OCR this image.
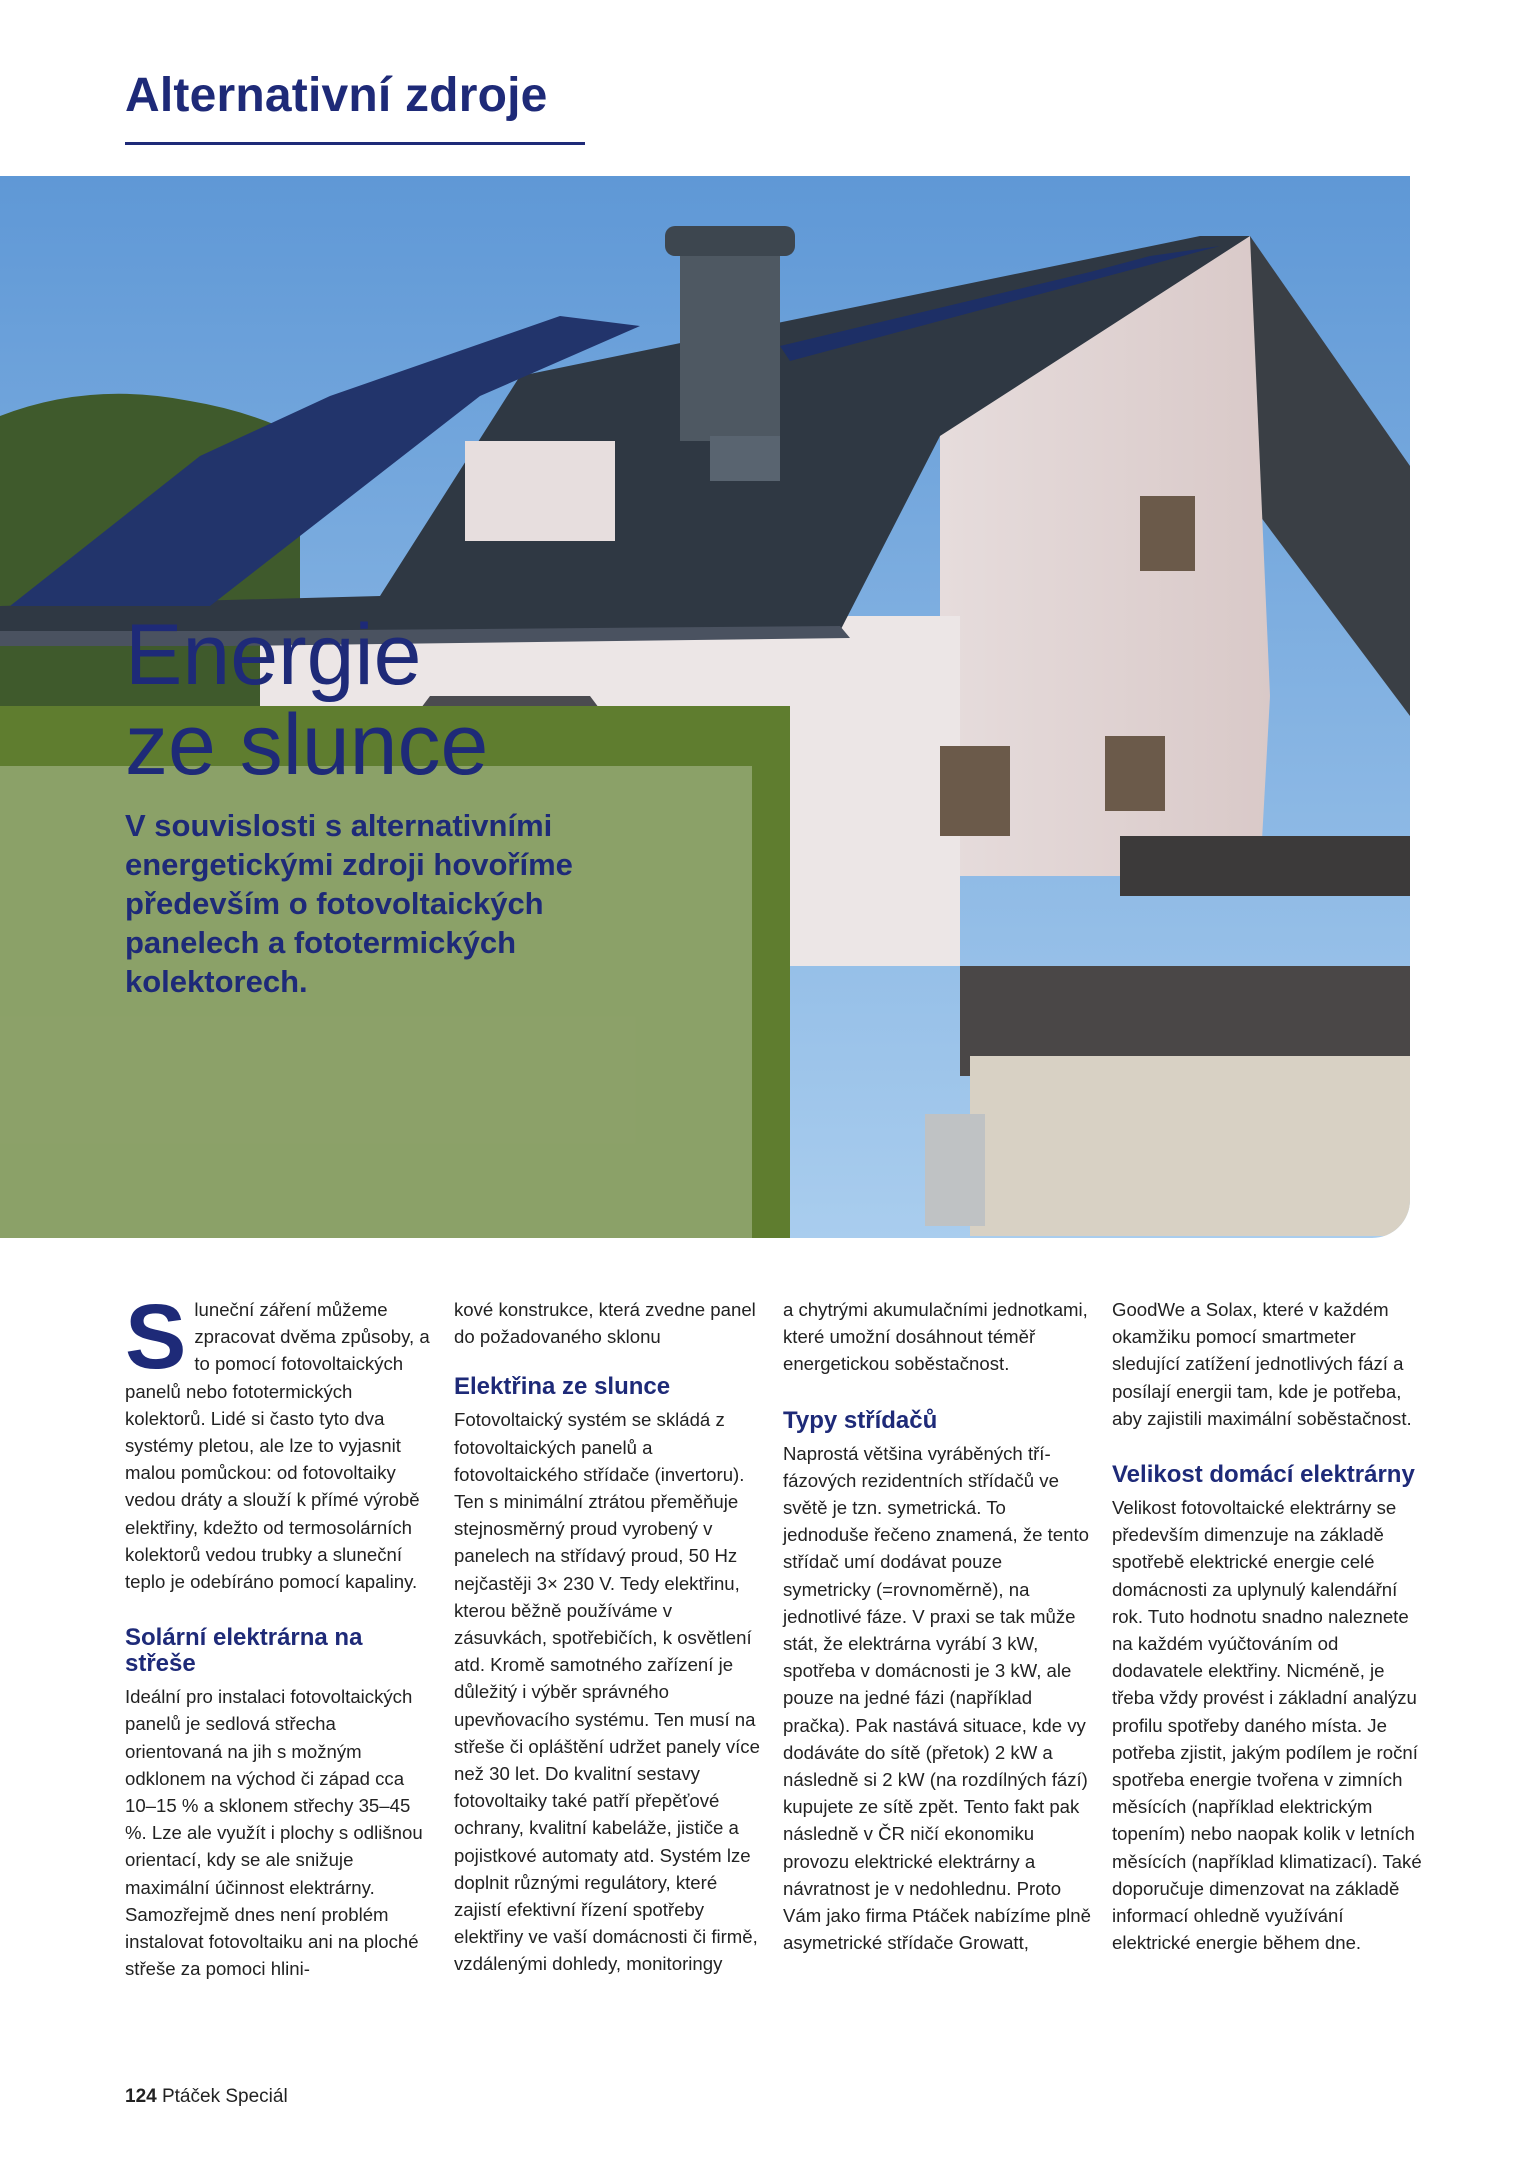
Alternativní zdroje
Energie
ze slunce

V souvislosti s alternativními energetickými zdroji hovoříme především o fotovoltaických panelech a fototermických kolektorech.

Sluneční záření můžeme zpracovat dvěma způsoby, a to pomocí fotovoltaických panelů nebo fototermických kolektorů. Lidé si často tyto dva systémy pletou, ale lze to vyjasnit malou pomůckou: od fotovoltaiky vedou dráty a slouží k přímé výrobě elektřiny, kdežto od termosolárních kolektorů vedou trubky a sluneční teplo je odebíráno pomocí kapaliny.

Solární elektrárna na střeše

Ideální pro instalaci fotovoltaických panelů je sedlová střecha orientovaná na jih s možným odklonem na východ či západ cca 10–15 % a sklonem střechy 35–45 %. Lze ale využít i plochy s odlišnou orientací, kdy se ale snižuje maximální účinnost elektrárny. Samozřejmě dnes není problém instalovat fotovoltaiku ani na ploché střeše za pomoci hlini-

kové konstrukce, která zvedne panel do požadovaného sklonu

Elektřina ze slunce

Fotovoltaický systém se skládá z fotovoltaických panelů a fotovoltaického střídače (invertoru). Ten s minimální ztrátou přeměňuje stejnosměrný proud vyrobený v panelech na střídavý proud, 50 Hz nejčastěji 3× 230 V. Tedy elektřinu, kterou běžně používáme v zásuvkách, spotřebičích, k osvětlení atd. Kromě samotného zařízení je důležitý i výběr správného upevňovacího systému. Ten musí na střeše či opláštění udržet panely více než 30 let. Do kvalitní sestavy fotovoltaiky také patří přepěťové ochrany, kvalitní kabeláže, jističe a pojistkové automaty atd. Systém lze doplnit různými regulátory, které zajistí efektivní řízení spotřeby elektřiny ve vaší domácnosti či firmě, vzdálenými dohledy, monitoringy

a chytrými akumulačními jednotkami, které umožní dosáhnout téměř energetickou soběstačnost.

Typy střídačů

Naprostá většina vyráběných tří-fázových rezidentních střídačů ve světě je tzn. symetrická. To jednoduše řečeno znamená, že tento střídač umí dodávat pouze symetricky (=rovnoměrně), na jednotlivé fáze. V praxi se tak může stát, že elektrárna vyrábí 3 kW, spotřeba v domácnosti je 3 kW, ale pouze na jedné fázi (například pračka). Pak nastává situace, kde vy dodáváte do sítě (přetok) 2 kW a následně si 2 kW (na rozdílných fází) kupujete ze sítě zpět. Tento fakt pak následně v ČR ničí ekonomiku provozu elektrické elektrárny a návratnost je v nedohlednu. Proto Vám jako firma Ptáček nabízíme plně asymetrické střídače Growatt,

GoodWe a Solax, které v každém okamžiku pomocí smartmeter sledující zatížení jednotlivých fází a posílají energii tam, kde je potřeba, aby zajistili maximální soběstačnost.

Velikost domácí elektrárny

Velikost fotovoltaické elektrárny se především dimenzuje na základě spotřebě elektrické energie celé domácnosti za uplynulý kalendářní rok. Tuto hodnotu snadno naleznete na každém vyúčtováním od dodavatele elektřiny. Nicméně, je třeba vždy provést i základní analýzu profilu spotřeby daného místa. Je potřeba zjistit, jakým podílem je roční spotřeba energie tvořena v zimních měsících (například elektrickým topením) nebo naopak kolik v letních měsících (například klimatizací). Také doporučuje dimenzovat na základě informací ohledně využívání elektrické energie během dne.

124 Ptáček Speciál
